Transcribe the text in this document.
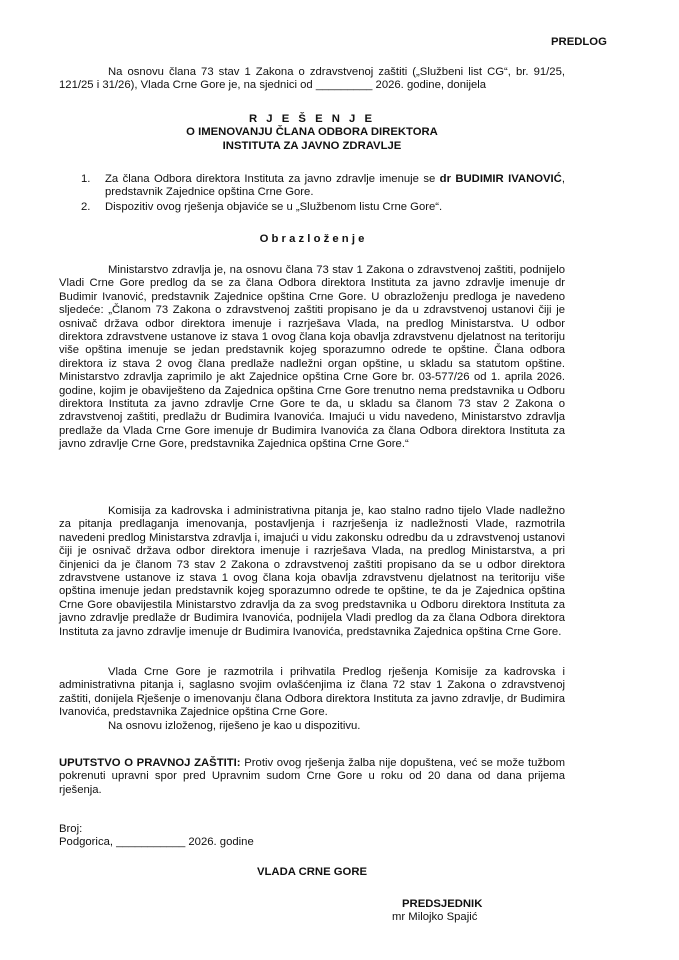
PREDLOG

Na osnovu člana 73 stav 1 Zakona o zdravstvenoj zaštiti („Službeni list CG“, br. 91/25, 121/25 i 31/26), Vlada Crne Gore je, na sjednici od _________ 2026. godine, donijela

R J E Š E N J E
O IMENOVANJU ČLANA ODBORA DIREKTORA
INSTITUTA ZA JAVNO ZDRAVLJE
1. Za člana Odbora direktora Instituta za javno zdravlje imenuje se dr BUDIMIR IVANOVIĆ, predstavnik Zajednice opština Crne Gore.
2. Dispozitiv ovog rješenja objaviće se u „Službenom listu Crne Gore“.
O b r a z l o ž e n j e

Ministarstvo zdravlja je, na osnovu člana 73 stav 1 Zakona o zdravstvenoj zaštiti, podnijelo Vladi Crne Gore predlog da se za člana Odbora direktora Instituta za javno zdravlje imenuje dr Budimir Ivanović, predstavnik Zajednice opština Crne Gore. U obrazloženju predloga je navedeno sljedeće: „Članom 73 Zakona o zdravstvenoj zaštiti propisano je da u zdravstvenoj ustanovi čiji je osnivač država odbor direktora imenuje i razrješava Vlada, na predlog Ministarstva. U odbor direktora zdravstvene ustanove iz stava 1 ovog člana koja obavlja zdravstvenu djelatnost na teritoriju više opština imenuje se jedan predstavnik kojeg sporazumno odrede te opštine. Člana odbora direktora iz stava 2 ovog člana predlaže nadležni organ opštine, u skladu sa statutom opštine. Ministarstvo zdravlja zaprimilo je akt Zajednice opština Crne Gore br. 03-577/26 od 1. aprila 2026. godine, kojim je obaviješteno da Zajednica opština Crne Gore trenutno nema predstavnika u Odboru direktora Instituta za javno zdravlje Crne Gore te da, u skladu sa članom 73 stav 2 Zakona o zdravstvenoj zaštiti, predlažu dr Budimira Ivanovića. Imajući u vidu navedeno, Ministarstvo zdravlja predlaže da Vlada Crne Gore imenuje dr Budimira Ivanovića za člana Odbora direktora Instituta za javno zdravlje Crne Gore, predstavnika Zajednica opština Crne Gore.“

Komisija za kadrovska i administrativna pitanja je, kao stalno radno tijelo Vlade nadležno za pitanja predlaganja imenovanja, postavljenja i razrješenja iz nadležnosti Vlade, razmotrila navedeni predlog Ministarstva zdravlja i, imajući u vidu zakonsku odredbu da u zdravstvenoj ustanovi čiji je osnivač država odbor direktora imenuje i razrješava Vlada, na predlog Ministarstva, a pri činjenici da je članom 73 stav 2 Zakona o zdravstvenoj zaštiti propisano da se u odbor direktora zdravstvene ustanove iz stava 1 ovog člana koja obavlja zdravstvenu djelatnost na teritoriju više opština imenuje jedan predstavnik kojeg sporazumno odrede te opštine, te da je Zajednica opština Crne Gore obavijestila Ministarstvo zdravlja da za svog predstavnika u Odboru direktora Instituta za javno zdravlje predlaže dr Budimira Ivanovića, podnijela Vladi predlog da za člana Odbora direktora Instituta za javno zdravlje imenuje dr Budimira Ivanovića, predstavnika Zajednica opština Crne Gore.

Vlada Crne Gore je razmotrila i prihvatila Predlog rješenja Komisije za kadrovska i administrativna pitanja i, saglasno svojim ovlašćenjima iz člana 72 stav 1 Zakona o zdravstvenoj zaštiti, donijela Rješenje o imenovanju člana Odbora direktora Instituta za javno zdravlje, dr Budimira Ivanovića, predstavnika Zajednice opština Crne Gore.

Na osnovu izloženog, riješeno je kao u dispozitivu.

UPUTSTVO O PRAVNOJ ZAŠTITI: Protiv ovog rješenja žalba nije dopuštena, već se može tužbom pokrenuti upravni spor pred Upravnim sudom Crne Gore u roku od 20 dana od dana prijema rješenja.

Broj:
Podgorica, ___________ 2026. godine
VLADA CRNE GORE
PREDSJEDNIK
mr Milojko Spajić
